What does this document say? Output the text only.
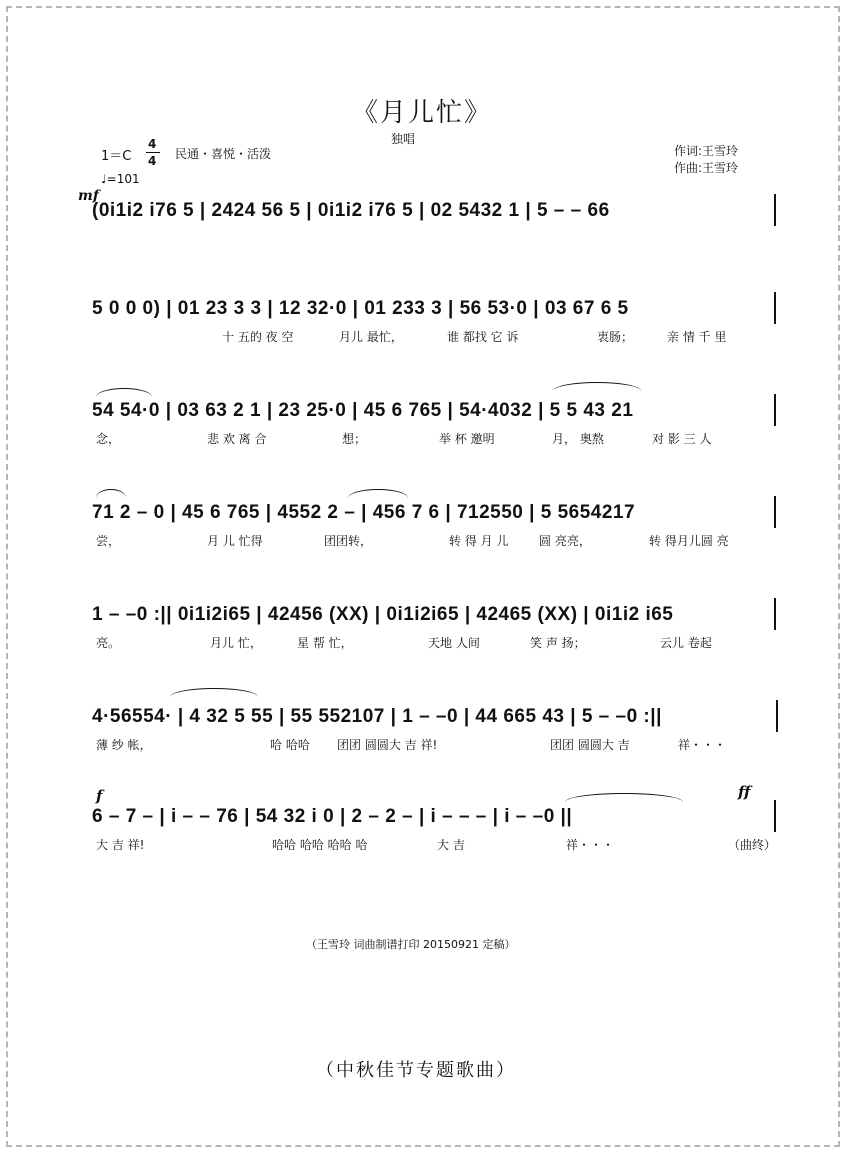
《月儿忙》
独唱
1＝C
4
4 民通・喜悦・活泼
♩=101
作词:王雪玲
作曲:王雪玲
mf
(0i1i2 i76 5 | 2424 56 5 | 0i1i2 i76 5 | 02 5432 1 | 5 – – 66
5 0 0 0) | 01 23 3 3 | 12 32·0 | 01 233 3 | 56 53·0 | 03 67 6 5
十 五的 夜 空	月儿 最忙，	谁 都找 它 诉	衷肠；	亲 情 千 里
54 54·0 | 03 63 2 1 | 23 25·0 | 45 6 765 | 54·4032 | 5 5 43 21
念，	悲 欢 离 合	想；	举 杯 邀明	月， 奥熬	对 影 三 人
71 2 – 0 | 45 6 765 | 4552 2 – | 456 7 6 | 712550 | 5 5654217
尝，	月 儿 忙得	团团转，	转 得 月 儿	圆 亮亮，	转 得月儿圆 亮
1 – –0 :|| 0i1i2i65 | 42456 (XX) | 0i1i2i65 | 42465 (XX) | 0i1i2 i65
亮。	月儿 忙，	星 帮 忙，	天地 人间	笑 声 扬；	云儿 卷起
4·56554· | 4 32 5 55 | 55 552107 | 1 – –0 | 44 665 43 | 5 – –0 :||
薄 纱 帐，	哈 哈哈 团团 圆圆大 吉 祥!	团团 圆圆大 吉	祥・・・
f	ff
6 – 7 – | i – – 76 | 54 32 i 0 | 2 – 2 – | i – – – | i – –0 ||
大 吉 祥!	哈哈 哈哈 哈哈 哈	大 吉	祥・・・	（曲终）
（王雪玲 词曲制谱打印 20150921 定稿）
（中秋佳节专题歌曲）
